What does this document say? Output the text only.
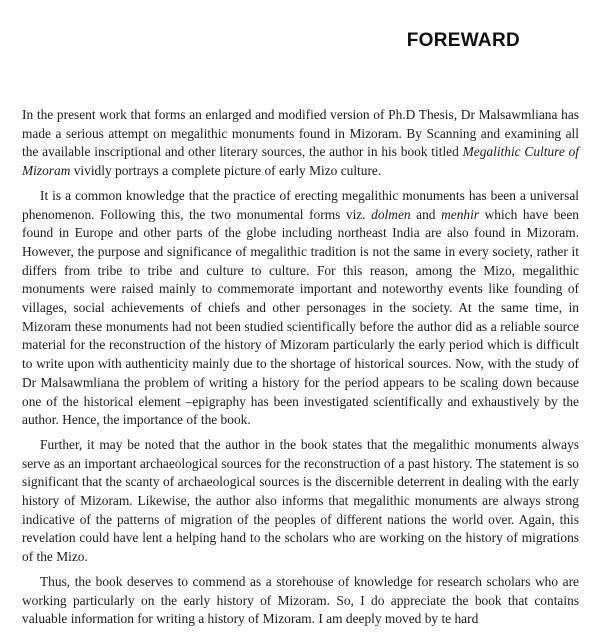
FOREWARD

In the present work that forms an enlarged and modified version of Ph.D Thesis, Dr Malsawmliana has made a serious attempt on megalithic monuments found in Mizoram. By Scanning and examining all the available inscriptional and other literary sources, the author in his book titled Megalithic Culture of Mizoram vividly portrays a complete picture of early Mizo culture.

It is a common knowledge that the practice of erecting megalithic monuments has been a universal phenomenon. Following this, the two monumental forms viz. dolmen and menhir which have been found in Europe and other parts of the globe including northeast India are also found in Mizoram. However, the purpose and significance of megalithic tradition is not the same in every society, rather it differs from tribe to tribe and culture to culture. For this reason, among the Mizo, megalithic monuments were raised mainly to commemorate important and noteworthy events like founding of villages, social achievements of chiefs and other personages in the society. At the same time, in Mizoram these monuments had not been studied scientifically before the author did as a reliable source material for the reconstruction of the history of Mizoram particularly the early period which is difficult to write upon with authenticity mainly due to the shortage of historical sources. Now, with the study of Dr Malsawmliana the problem of writing a history for the period appears to be scaling down because one of the historical element –epigraphy has been investigated scientifically and exhaustively by the author. Hence, the importance of the book.

Further, it may be noted that the author in the book states that the megalithic monuments always serve as an important archaeological sources for the reconstruction of a past history. The statement is so significant that the scanty of archaeological sources is the discernible deterrent in dealing with the early history of Mizoram. Likewise, the author also informs that megalithic monuments are always strong indicative of the patterns of migration of the peoples of different nations the world over. Again, this revelation could have lent a helping hand to the scholars who are working on the history of migrations of the Mizo.

Thus, the book deserves to commend as a storehouse of knowledge for research scholars who are working particularly on the early history of Mizoram. So, I do appreciate the book that contains valuable information for writing a history of Mizoram. I am deeply moved by te hard
